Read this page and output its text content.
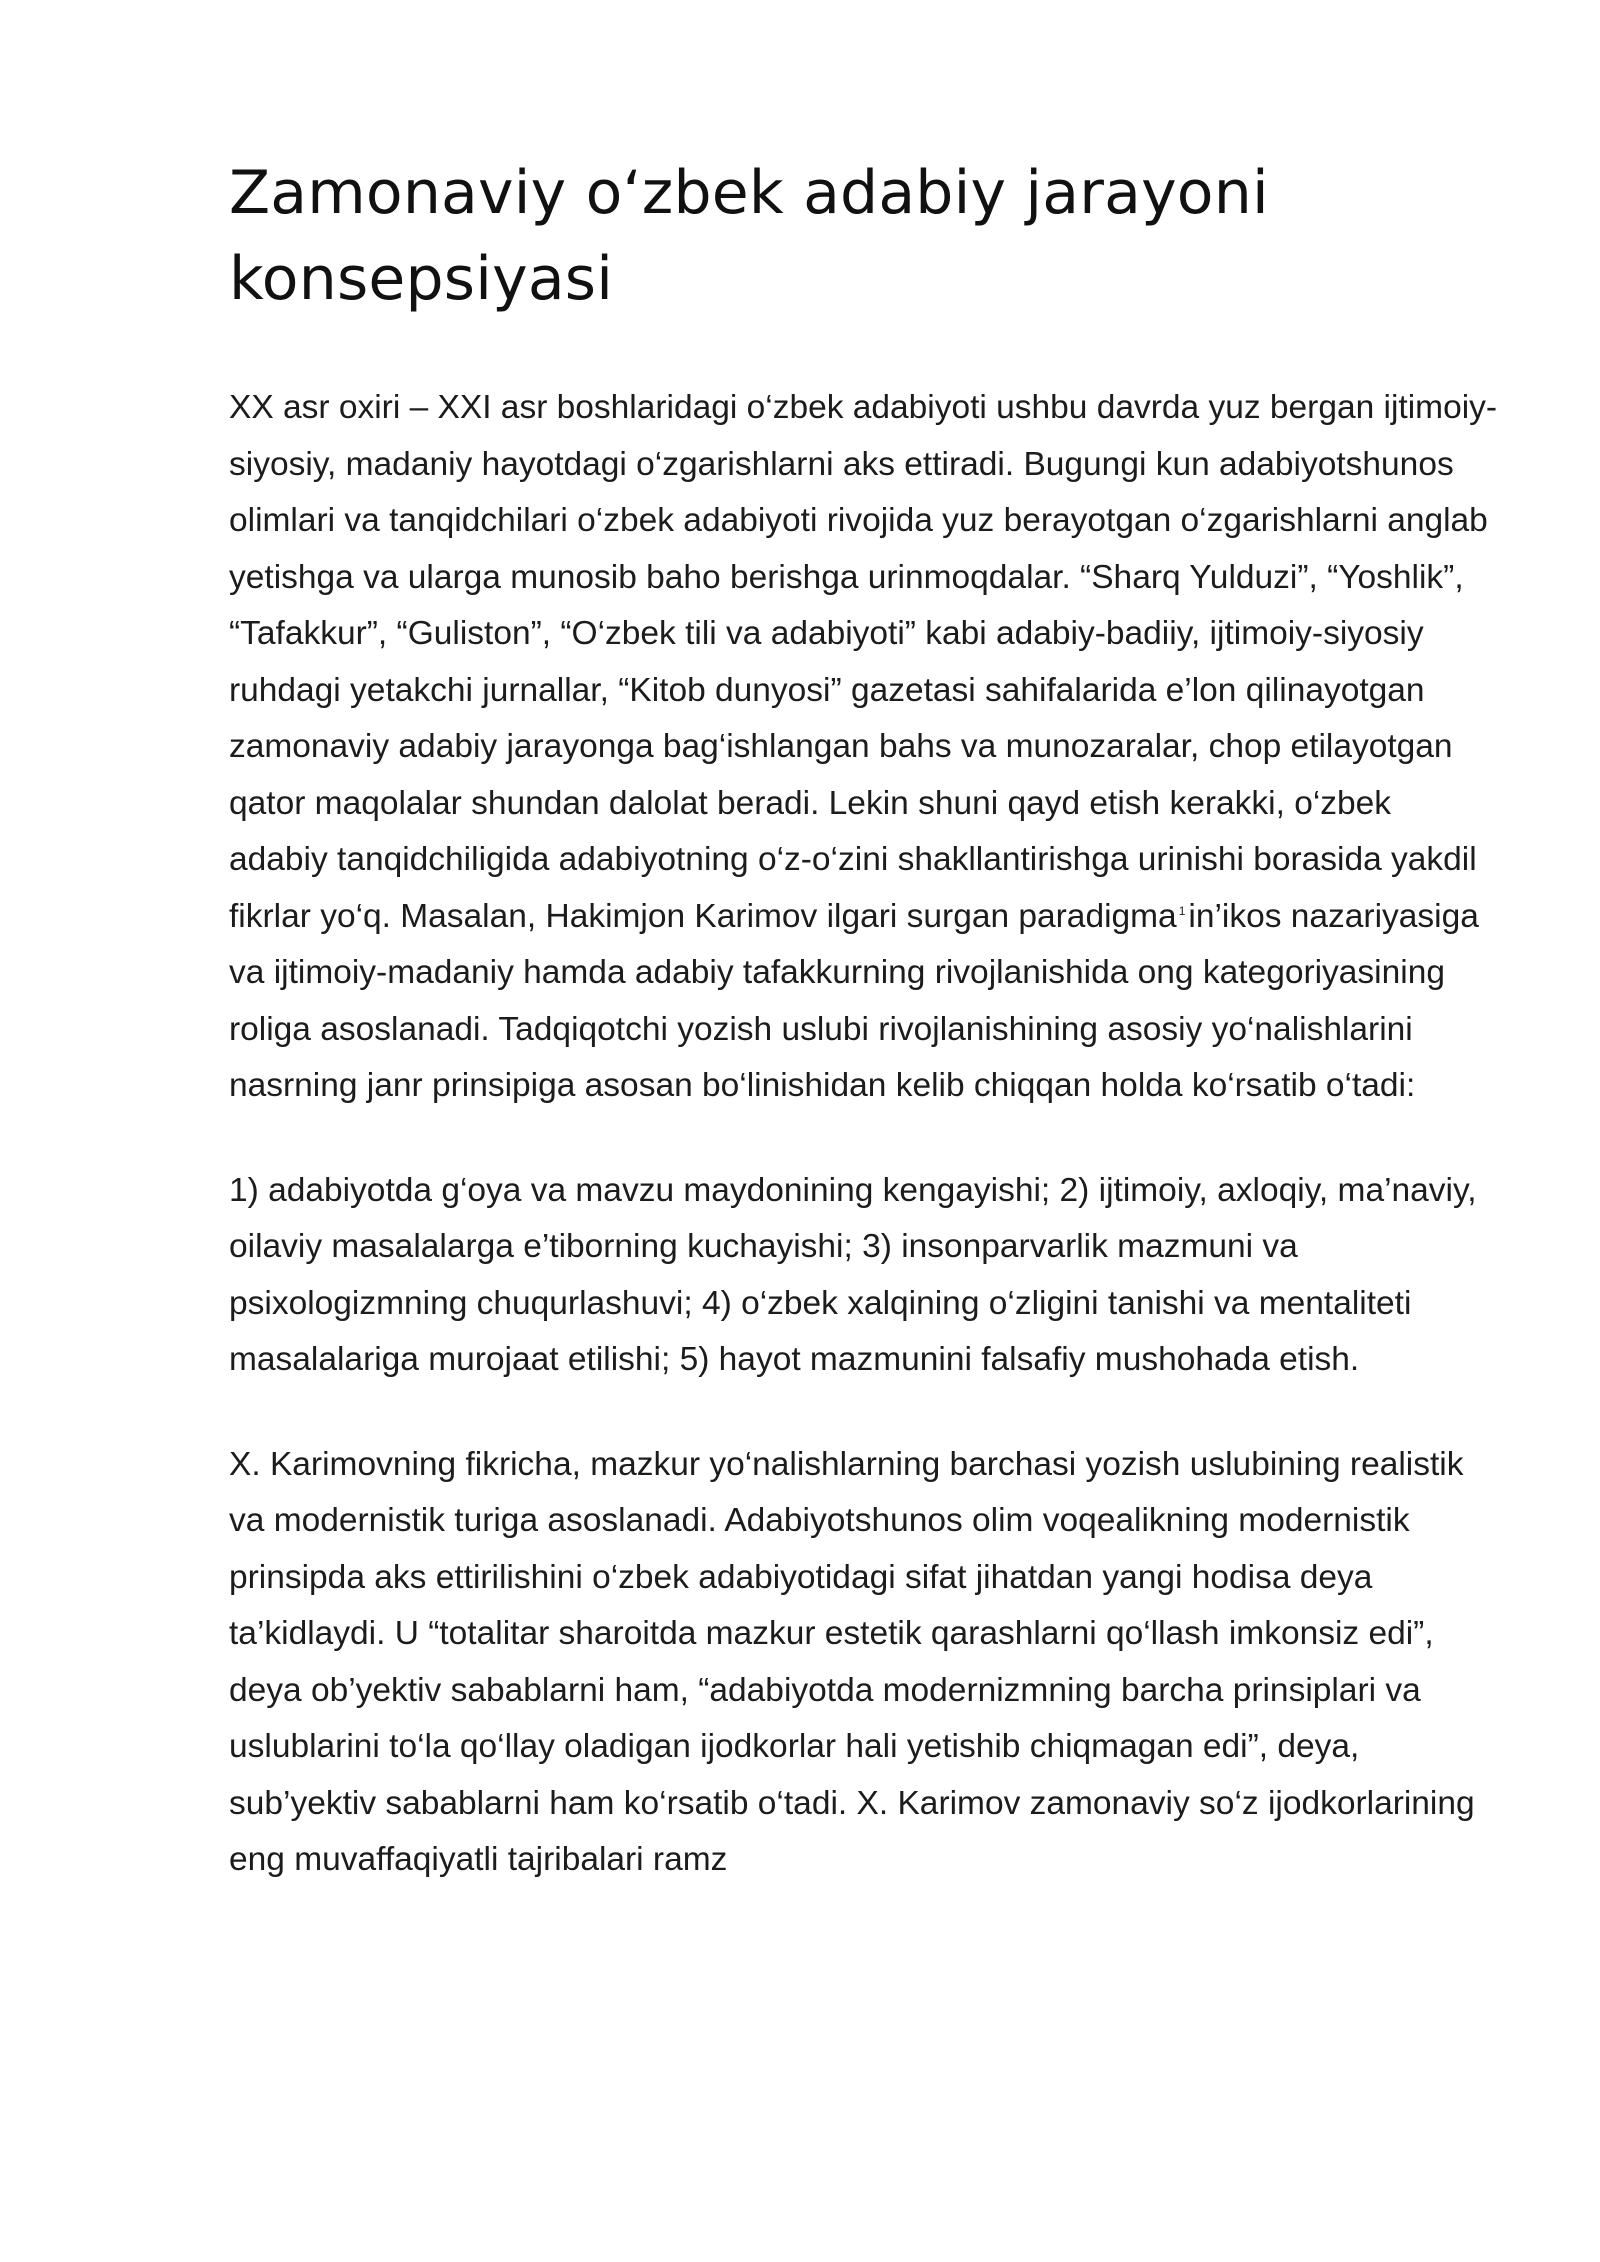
Zamonaviy o‘zbek adabiy jarayoni konsepsiyasi

XX asr oxiri – XXI asr boshlaridagi o‘zbek adabiyoti ushbu davrda yuz bergan ijtimoiy-siyosiy, madaniy hayotdagi o‘zgarishlarni aks ettiradi. Bugungi kun adabiyotshunos olimlari va tanqidchilari o‘zbek adabiyoti rivojida yuz berayotgan o‘zgarishlarni anglab yetishga va ularga munosib baho berishga urinmoqdalar. “Sharq Yulduzi”, “Yoshlik”, “Tafakkur”, “Guliston”, “O‘zbek tili va adabiyoti” kabi adabiy-badiiy, ijtimoiy-siyosiy ruhdagi yetakchi jurnallar, “Kitob dunyosi” gazetasi sahifalarida e’lon qilinayotgan zamonaviy adabiy jarayonga bag‘ishlangan bahs va munozaralar, chop etilayotgan qator maqolalar shundan dalolat beradi. Lekin shuni qayd etish kerakki, o‘zbek adabiy tanqidchiligida adabiyotning o‘z-o‘zini shakllantirishga urinishi borasida yakdil fikrlar yo‘q. Masalan, Hakimjon Karimov ilgari surgan paradigma $^1$in’ikos nazariyasiga va ijtimoiy-madaniy hamda adabiy tafakkurning rivojlanishida ong kategoriyasining roliga asoslanadi. Tadqiqotchi yozish uslubi rivojlanishining asosiy yo‘nalishlarini nasrning janr prinsipiga asosan bo‘linishidan kelib chiqqan holda ko‘rsatib o‘tadi:

1) adabiyotda g‘oya va mavzu maydonining kengayishi; 2) ijtimoiy, axloqiy, ma’naviy, oilaviy masalalarga e’tiborning kuchayishi; 3) insonparvarlik mazmuni va psixologizmning chuqurlashuvi; 4) o‘zbek xalqining o‘zligini tanishi va mentaliteti masalalariga murojaat etilishi; 5) hayot mazmunini falsafiy mushohada etish.

X. Karimovning fikricha, mazkur yo‘nalishlarning barchasi yozish uslubining realistik va modernistik turiga asoslanadi. Adabiyotshunos olim voqealikning modernistik prinsipda aks ettirilishini o‘zbek adabiyotidagi sifat jihatdan yangi hodisa deya ta’kidlaydi. U “totalitar sharoitda mazkur estetik qarashlarni qo‘llash imkonsiz edi”, deya ob’yektiv sabablarni ham, “adabiyotda modernizmning barcha prinsiplari va uslublarini to‘la qo‘llay oladigan ijodkorlar hali yetishib chiqmagan edi”, deya, sub’yektiv sabablarni ham ko‘rsatib o‘tadi. X. Karimov zamonaviy so‘z ijodkorlarining eng muvaffaqiyatli tajribalari ramz
